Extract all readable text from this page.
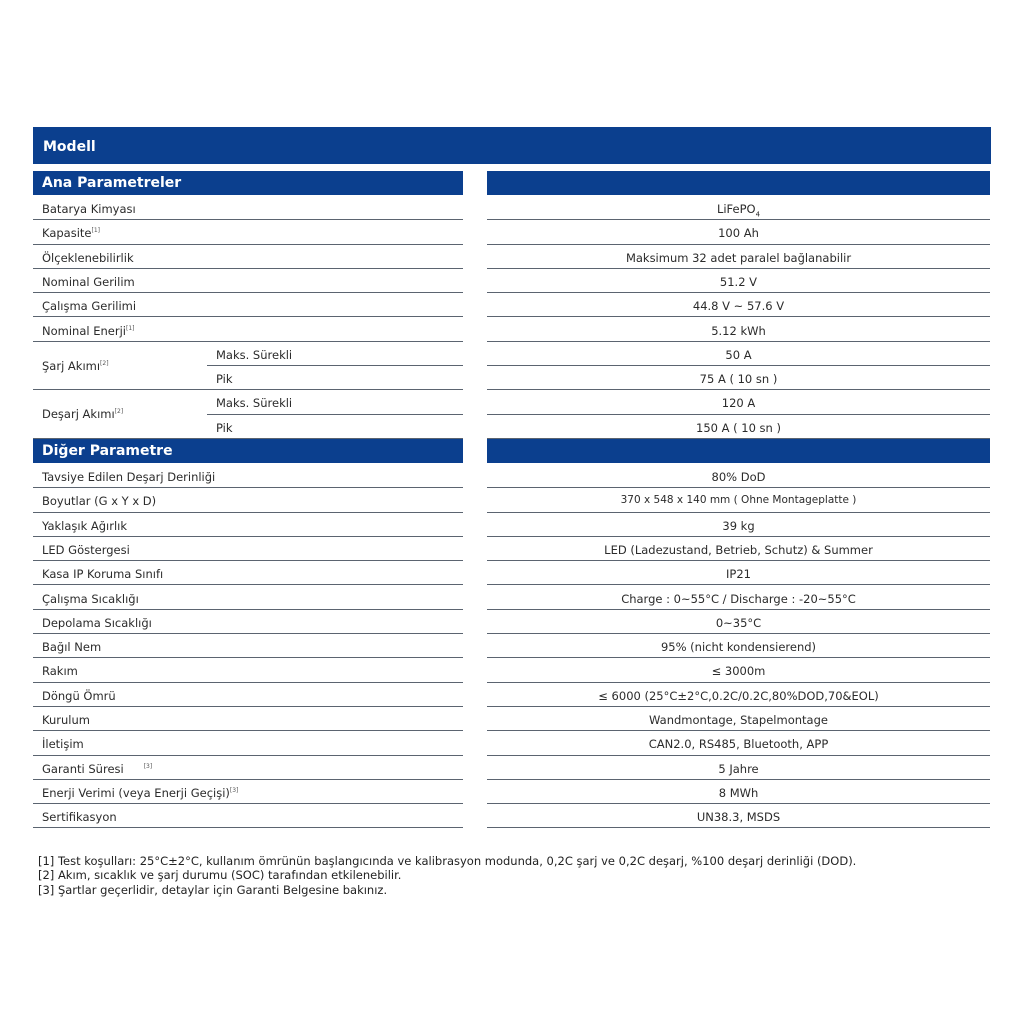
Modell
Ana Parametreler
Batarya Kimyası	LiFePO$_4$
Kapasite[1]	100 Ah
Ölçeklenebilirlik	Maksimum 32 adet paralel bağlanabilir
Nominal Gerilim	51.2 V
Çalışma Gerilimi	44.8 V ~ 57.6 V
Nominal Enerji[1]	5.12 kWh
Şarj Akımı[2]
Maks. Sürekli	50 A
Pik	75 A ( 10 sn )
Deşarj Akımı[2]
Maks. Sürekli	120 A
Pik	150 A ( 10 sn )
Diğer Parametre
Tavsiye Edilen Deşarj Derinliği	80% DoD
Boyutlar (G x Y x D)	370 x 548 x 140 mm ( Ohne Montageplatte )
Yaklaşık Ağırlık	39 kg
LED Göstergesi	LED (Ladezustand, Betrieb, Schutz) & Summer
Kasa IP Koruma Sınıfı	IP21
Çalışma Sıcaklığı	Charge : 0~55°C / Discharge : -20~55°C
Depolama Sıcaklığı	0~35°C
Bağıl Nem	95% (nicht kondensierend)
Rakım	≤ 3000m
Döngü Ömrü	≤ 6000 (25°C±2°C,0.2C/0.2C,80%DOD,70&EOL)
Kurulum	Wandmontage, Stapelmontage
İletişim	CAN2.0, RS485, Bluetooth, APP
Garanti Süresi	[3]	5 Jahre
Enerji Verimi (veya Enerji Geçişi)[3]	8 MWh
Sertifikasyon	UN38.3, MSDS
[1] Test koşulları: 25°C±2°C, kullanım ömrünün başlangıcında ve kalibrasyon modunda, 0,2C şarj ve 0,2C deşarj, %100 deşarj derinliği (DOD).
[2] Akım, sıcaklık ve şarj durumu (SOC) tarafından etkilenebilir.
[3] Şartlar geçerlidir, detaylar için Garanti Belgesine bakınız.
